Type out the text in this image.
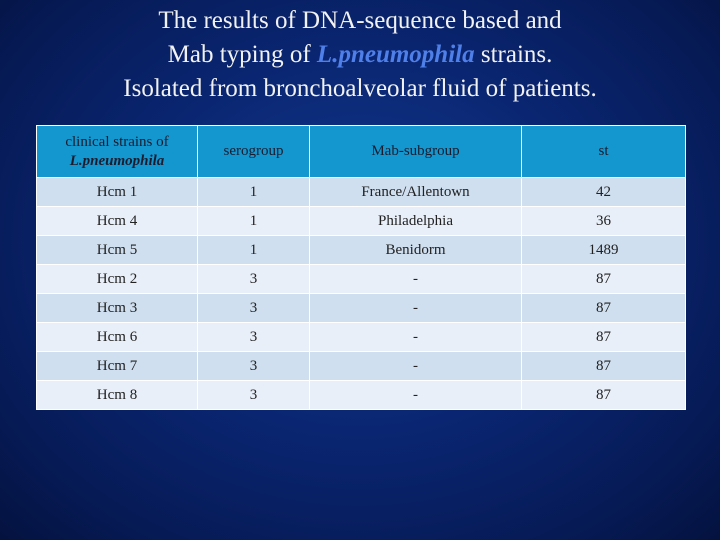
The results of DNA-sequence based and
Mab typing of L.pneumophila strains.
Isolated from bronchoalveolar fluid of patients.
clinical strains of
L.pneumophila	serogroup	Mab-subgroup	st
Hcm 1	1	France/Allentown	42
Hcm 4	1	Philadelphia	36
Hcm 5	1	Benidorm	1489
Hcm 2	3	-	87
Hcm 3	3	-	87
Hcm 6	3	-	87
Hcm 7	3	-	87
Hcm 8	3	-	87
